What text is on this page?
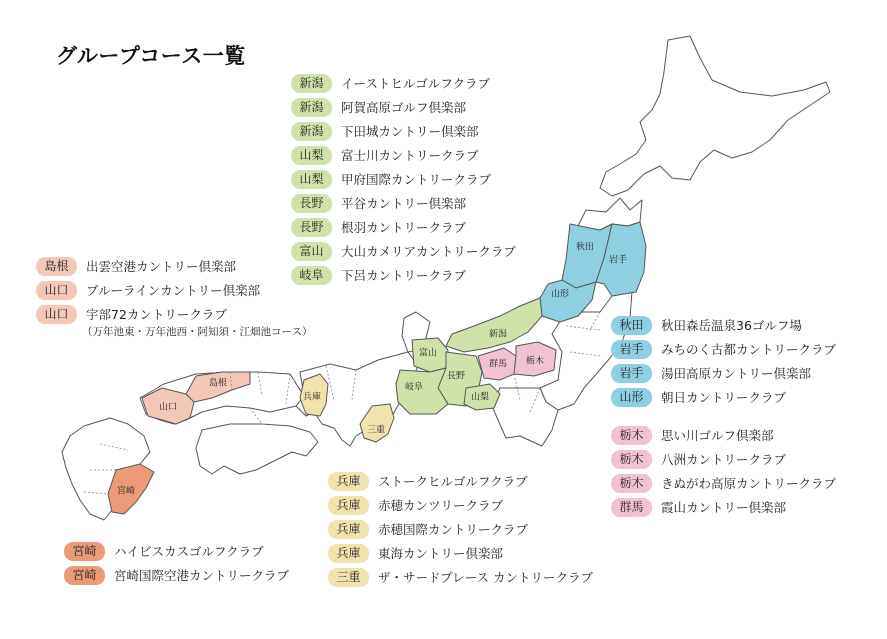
グループコース一覧
秋田
岩手
山形
新潟
富山
群馬 栃木
長野
岐阜
山梨
三重
兵庫
島根
山口
宮崎
新潟	イーストヒルゴルフクラブ
新潟	阿賀高原ゴルフ倶楽部
新潟	下田城カントリー倶楽部
山梨	富士川カントリークラブ
山梨	甲府国際カントリークラブ
長野	平谷カントリー倶楽部
長野	根羽カントリークラブ
富山	大山カメリアカントリークラブ
岐阜	下呂カントリークラブ
島根	出雲空港カントリー倶楽部
山口	ブルーラインカントリー倶楽部
山口	宇部72カントリークラブ
（万年池東・万年池西・阿知須・江畑池コース）
秋田	秋田森岳温泉36ゴルフ場
岩手	みちのく古都カントリークラブ
岩手	湯田高原カントリー倶楽部
山形	朝日カントリークラブ
栃木	思い川ゴルフ倶楽部
栃木	八洲カントリークラブ
栃木	きぬがわ高原カントリークラブ
群馬	霞山カントリー倶楽部
兵庫	ストークヒルゴルフクラブ
兵庫	赤穂カンツリークラブ
兵庫	赤穂国際カントリークラブ
兵庫	東海カントリー倶楽部
三重	ザ・サードプレース カントリークラブ
宮崎	ハイビスカスゴルフクラブ
宮崎	宮崎国際空港カントリークラブ
